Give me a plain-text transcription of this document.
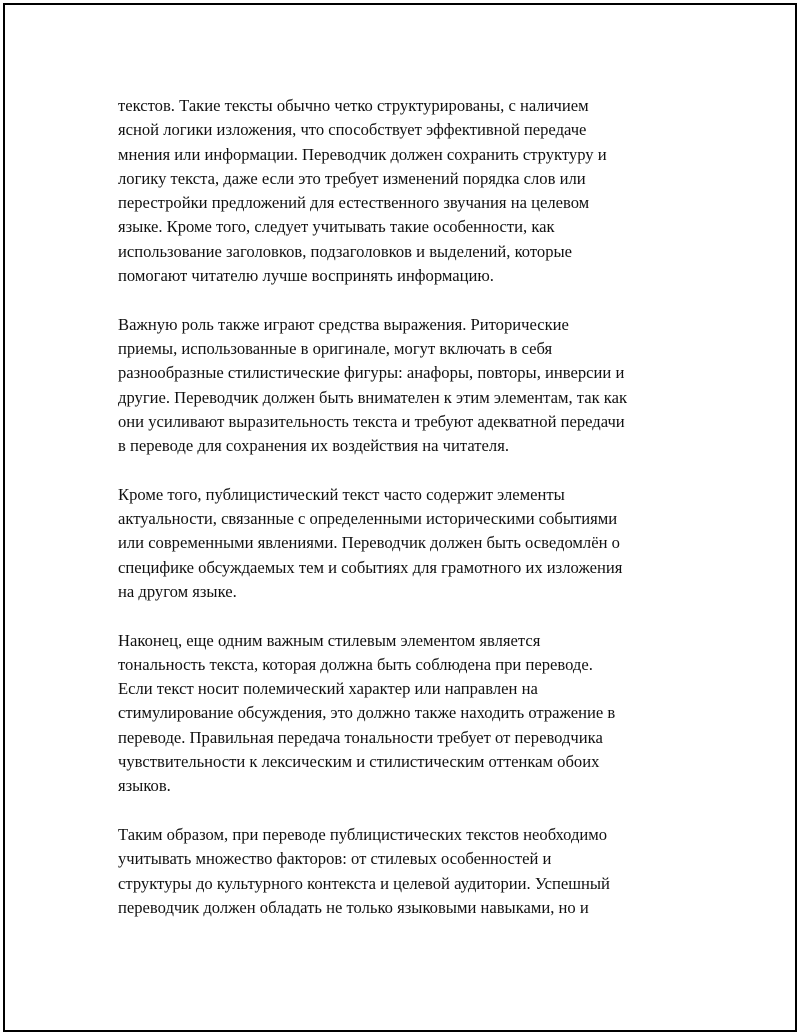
текстов. Такие тексты обычно четко структурированы, с наличием
ясной логики изложения, что способствует эффективной передаче
мнения или информации. Переводчик должен сохранить структуру и
логику текста, даже если это требует изменений порядка слов или
перестройки предложений для естественного звучания на целевом
языке. Кроме того, следует учитывать такие особенности, как
использование заголовков, подзаголовков и выделений, которые
помогают читателю лучше воспринять информацию.

Важную роль также играют средства выражения. Риторические
приемы, использованные в оригинале, могут включать в себя
разнообразные стилистические фигуры: анафоры, повторы, инверсии и
другие. Переводчик должен быть внимателен к этим элементам, так как
они усиливают выразительность текста и требуют адекватной передачи
в переводе для сохранения их воздействия на читателя.

Кроме того, публицистический текст часто содержит элементы
актуальности, связанные с определенными историческими событиями
или современными явлениями. Переводчик должен быть осведомлён о
специфике обсуждаемых тем и событиях для грамотного их изложения
на другом языке.

Наконец, еще одним важным стилевым элементом является
тональность текста, которая должна быть соблюдена при переводе.
Если текст носит полемический характер или направлен на
стимулирование обсуждения, это должно также находить отражение в
переводе. Правильная передача тональности требует от переводчика
чувствительности к лексическим и стилистическим оттенкам обоих
языков.

Таким образом, при переводе публицистических текстов необходимо
учитывать множество факторов: от стилевых особенностей и
структуры до культурного контекста и целевой аудитории. Успешный
переводчик должен обладать не только языковыми навыками, но и
